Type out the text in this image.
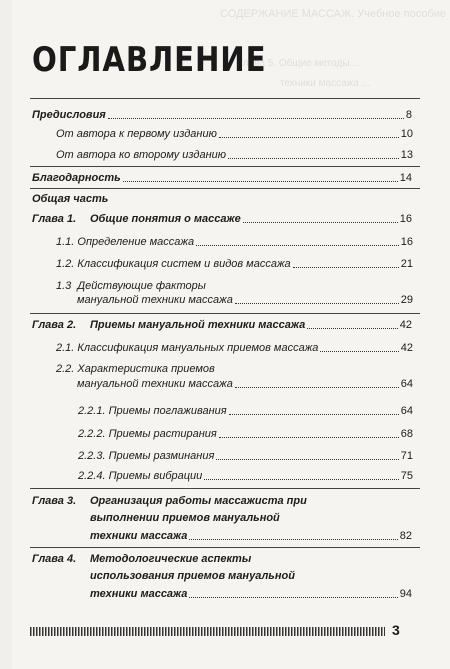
СОДЕРЖАНИЕ МАССАЖ. Учебное пособие
Глава 5. Общие методы ...
техники массажа ...
ОГЛАВЛЕНИЕ
Предисловия	8
От автора к первому изданию	10
От автора ко второму изданию	13
Благодарность	14
Общая часть
Глава 1. Общие понятия о массаже	16
1.1. Определение массажа	16
1.2. Классификация систем и видов массажа	21
1.3 Действующие факторы
мануальной техники массажа	29
Глава 2. Приемы мануальной техники массажа	42
2.1. Классификация мануальных приемов массажа	42
2.2. Характеристика приемов
мануальной техники массажа	64
2.2.1. Приемы поглаживания	64
2.2.2. Приемы растирания	68
2.2.3. Приемы разминания	71
2.2.4. Приемы вибрации	75
Глава 3. Организация работы массажиста при
выполнении приемов мануальной
техники массажа	82
Глава 4. Методологические аспекты
использования приемов мануальной
техники массажа	94
3
